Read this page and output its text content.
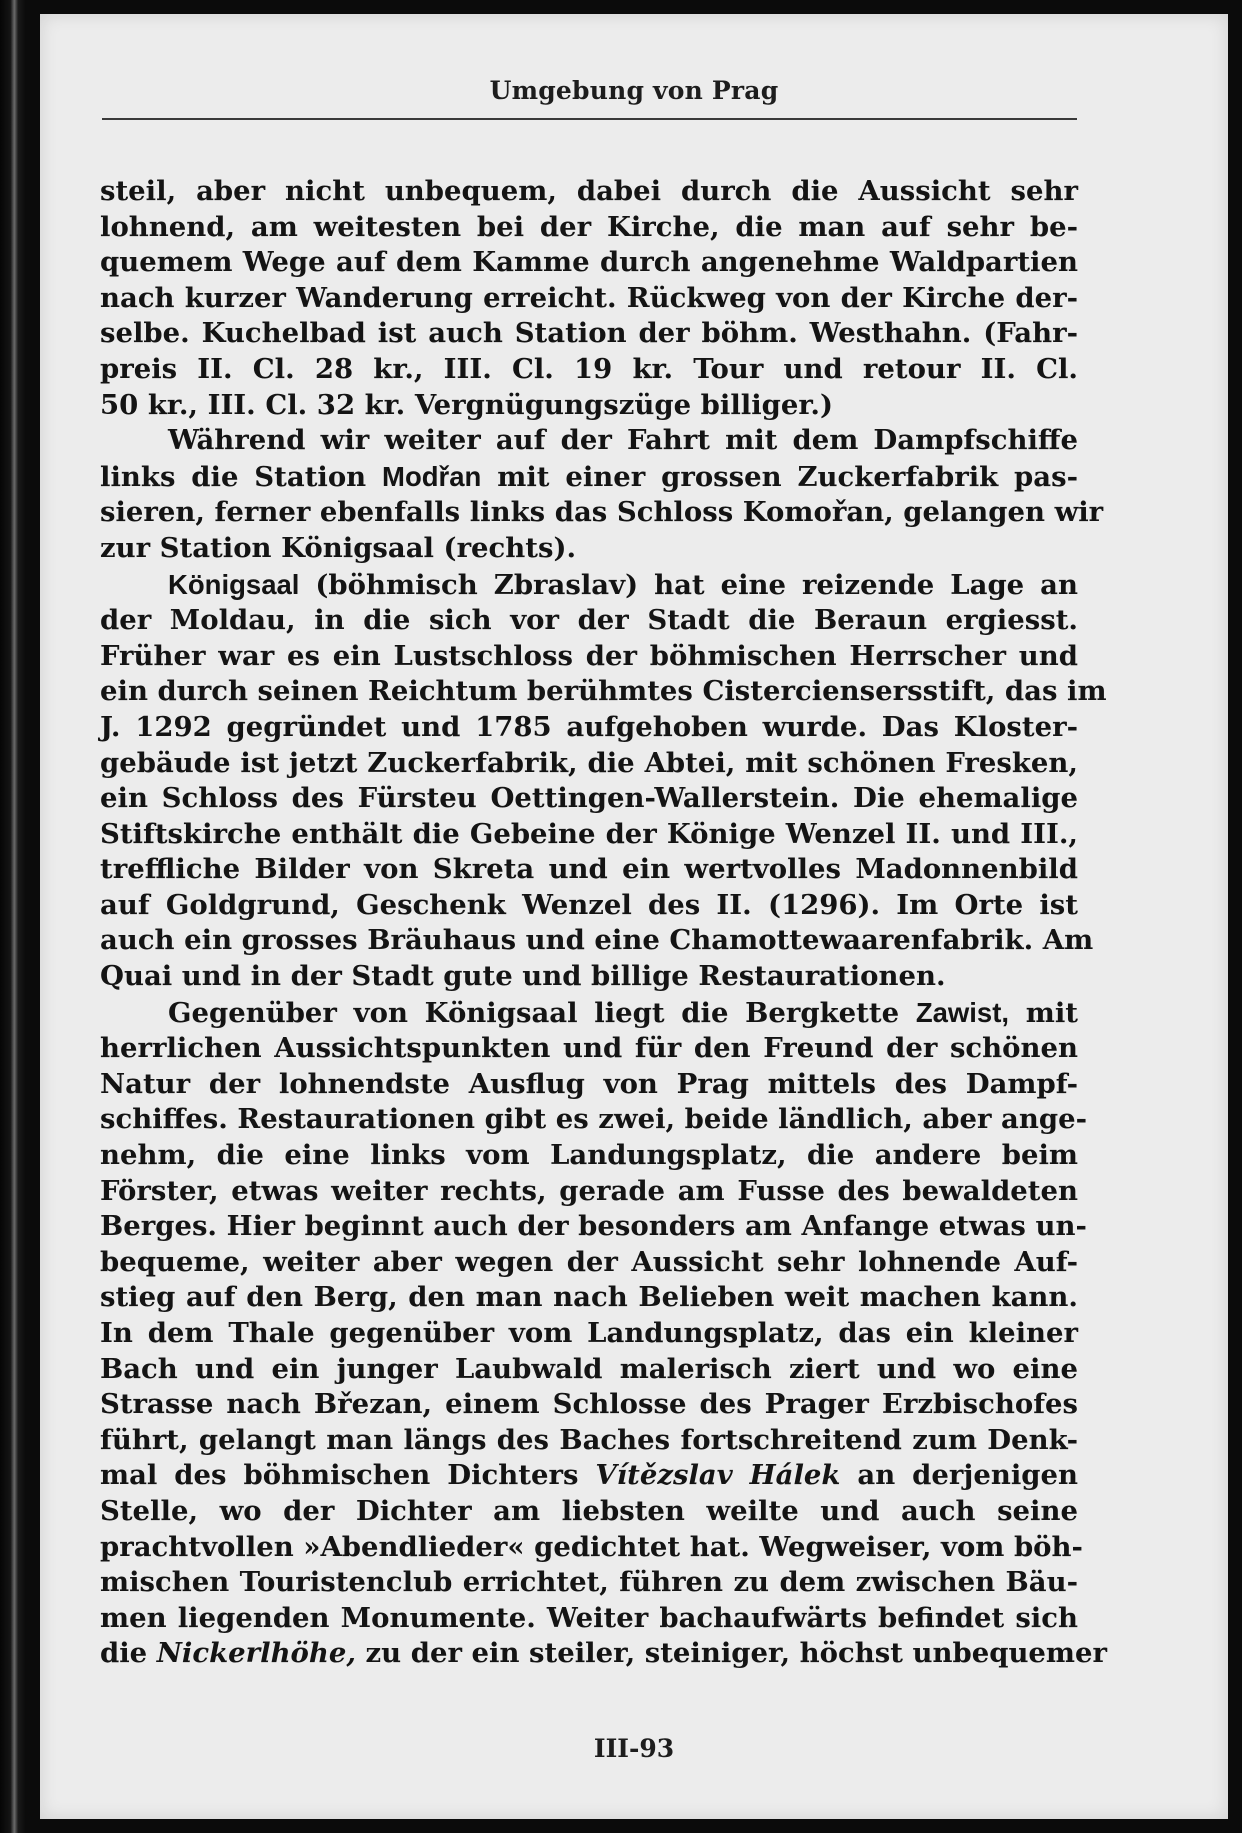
Umgebung von Prag
steil, aber nicht unbequem, dabei durch die Aussicht sehr
lohnend, am weitesten bei der Kirche, die man auf sehr be-
quemem Wege auf dem Kamme durch angenehme Waldpartien
nach kurzer Wanderung erreicht. Rückweg von der Kirche der-
selbe. Kuchelbad ist auch Station der böhm. Westhahn. (Fahr-
preis II. Cl. 28 kr., III. Cl. 19 kr. Tour und retour II. Cl.
50 kr., III. Cl. 32 kr. Vergnügungszüge billiger.)
Während wir weiter auf der Fahrt mit dem Dampfschiffe
links die Station Modřan mit einer grossen Zuckerfabrik pas-
sieren, ferner ebenfalls links das Schloss Komořan, gelangen wir
zur Station Königsaal (rechts).
Königsaal (böhmisch Zbraslav) hat eine reizende Lage an
der Moldau, in die sich vor der Stadt die Beraun ergiesst.
Früher war es ein Lustschloss der böhmischen Herrscher und
ein durch seinen Reichtum berühmtes Cisterciensersstift, das im
J. 1292 gegründet und 1785 aufgehoben wurde. Das Kloster-
gebäude ist jetzt Zuckerfabrik, die Abtei, mit schönen Fresken,
ein Schloss des Fürsteu Oettingen-Wallerstein. Die ehemalige
Stiftskirche enthält die Gebeine der Könige Wenzel II. und III.,
treffliche Bilder von Skreta und ein wertvolles Madonnenbild
auf Goldgrund, Geschenk Wenzel des II. (1296). Im Orte ist
auch ein grosses Bräuhaus und eine Chamottewaarenfabrik. Am
Quai und in der Stadt gute und billige Restaurationen.
Gegenüber von Königsaal liegt die Bergkette Zawist, mit
herrlichen Aussichtspunkten und für den Freund der schönen
Natur der lohnendste Ausflug von Prag mittels des Dampf-
schiffes. Restaurationen gibt es zwei, beide ländlich, aber ange-
nehm, die eine links vom Landungsplatz, die andere beim
Förster, etwas weiter rechts, gerade am Fusse des bewaldeten
Berges. Hier beginnt auch der besonders am Anfange etwas un-
bequeme, weiter aber wegen der Aussicht sehr lohnende Auf-
stieg auf den Berg, den man nach Belieben weit machen kann.
In dem Thale gegenüber vom Landungsplatz, das ein kleiner
Bach und ein junger Laubwald malerisch ziert und wo eine
Strasse nach Březan, einem Schlosse des Prager Erzbischofes
führt, gelangt man längs des Baches fortschreitend zum Denk-
mal des böhmischen Dichters Vítězslav Hálek an derjenigen
Stelle, wo der Dichter am liebsten weilte und auch seine
prachtvollen »Abendlieder« gedichtet hat. Wegweiser, vom böh-
mischen Touristenclub errichtet, führen zu dem zwischen Bäu-
men liegenden Monumente. Weiter bachaufwärts befindet sich
die Nickerlhöhe, zu der ein steiler, steiniger, höchst unbequemer
III-93
